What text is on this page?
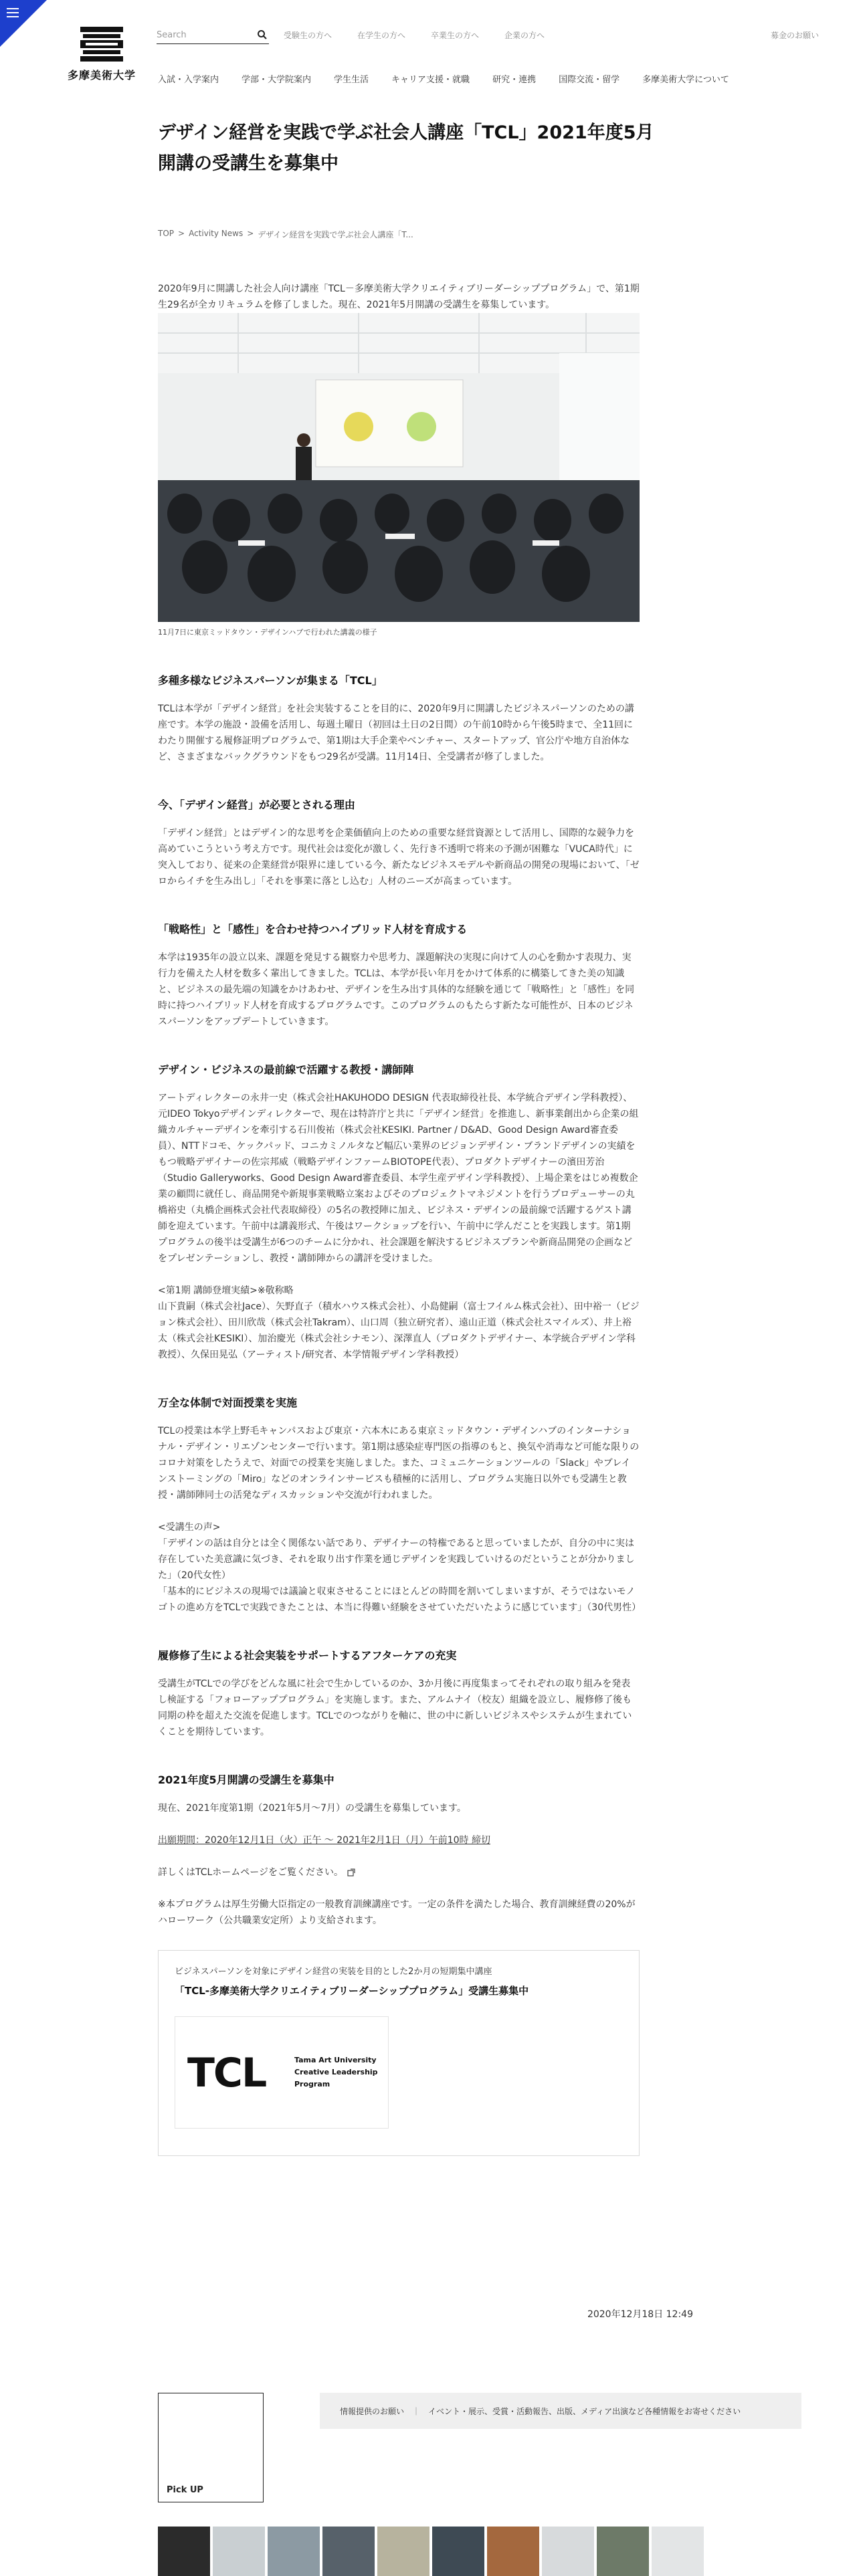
多摩美術大学
Search
受験生の方へ	在学生の方へ	卒業生の方へ	企業の方へ	募金のお願い
入試・入学案内	学部・大学院案内	学生生活	キャリア支援・就職	研究・連携	国際交流・留学	多摩美術大学について
デザイン経営を実践で学ぶ社会人講座「TCL」2021年度5月開講の受講生を募集中
TOP > Activity News > デザイン経営を実践で学ぶ社会人講座「T...

2020年9月に開講した社会人向け講座「TCL－多摩美術大学クリエイティブリーダーシッププログラム」で、第1期生29名が全カリキュラムを修了しました。現在、2021年5月開講の受講生を募集しています。

11月7日に東京ミッドタウン・デザインハブで行われた講義の様子

多種多様なビジネスパーソンが集まる「TCL」

TCLは本学が「デザイン経営」を社会実装することを目的に、2020年9月に開講したビジネスパーソンのための講座です。本学の施設・設備を活用し、毎週土曜日（初回は土日の2日間）の午前10時から午後5時まで、全11回にわたり開催する履修証明プログラムで、第1期は大手企業やベンチャー、スタートアップ、官公庁や地方自治体など、さまざまなバックグラウンドをもつ29名が受講。11月14日、全受講者が修了しました。

今、「デザイン経営」が必要とされる理由

「デザイン経営」とはデザイン的な思考を企業価値向上のための重要な経営資源として活用し、国際的な競争力を高めていこうという考え方です。現代社会は変化が激しく、先行き不透明で将来の予測が困難な「VUCA時代」に突入しており、従来の企業経営が限界に達している今、新たなビジネスモデルや新商品の開発の現場において、「ゼロからイチを生み出し」「それを事業に落とし込む」人材のニーズが高まっています。

「戦略性」と「感性」を合わせ持つハイブリッド人材を育成する

本学は1935年の設立以来、課題を発見する観察力や思考力、課題解決の実現に向けて人の心を動かす表現力、実行力を備えた人材を数多く輩出してきました。TCLは、本学が長い年月をかけて体系的に構築してきた美の知識と、ビジネスの最先端の知識をかけあわせ、デザインを生み出す具体的な経験を通じて「戦略性」と「感性」を同時に持つハイブリッド人材を育成するプログラムです。このプログラムのもたらす新たな可能性が、日本のビジネスパーソンをアップデートしていきます。

デザイン・ビジネスの最前線で活躍する教授・講師陣

アートディレクターの永井一史（株式会社HAKUHODO DESIGN 代表取締役社長、本学統合デザイン学科教授）、元IDEO Tokyoデザインディレクターで、現在は特許庁と共に「デザイン経営」を推進し、新事業創出から企業の組織カルチャーデザインを牽引する石川俊祐（株式会社KESIKI. Partner / D&AD、Good Design Award審査委員）、NTTドコモ、ケックパッド、コニカミノルタなど幅広い業界のビジョンデザイン・ブランドデザインの実績をもつ戦略デザイナーの佐宗邦威（戦略デザインファームBIOTOPE代表）、プロダクトデザイナーの濱田芳治（Studio Galleryworks、Good Design Award審査委員、本学生産デザイン学科教授）、上場企業をはじめ複数企業の顧問に就任し、商品開発や新規事業戦略立案およびそのプロジェクトマネジメントを行うプロデューサーの丸橋裕史（丸橋企画株式会社代表取締役）の5名の教授陣に加え、ビジネス・デザインの最前線で活躍するゲスト講師を迎えています。午前中は講義形式、午後はワークショップを行い、午前中に学んだことを実践します。第1期プログラムの後半は受講生が6つのチームに分かれ、社会課題を解決するビジネスプランや新商品開発の企画などをプレゼンテーションし、教授・講師陣からの講評を受けました。

<第1期 講師登壇実績>※敬称略

山下貴嗣（株式会社Jace）、矢野直子（積水ハウス株式会社）、小島健嗣（富士フイルム株式会社）、田中裕一（ピジョン株式会社）、田川欣哉（株式会社Takram）、山口周（独立研究者）、遠山正道（株式会社スマイルズ）、井上裕太（株式会社KESIKI）、加治慶光（株式会社シナモン）、深澤直人（プロダクトデザイナー、本学統合デザイン学科教授）、久保田晃弘（アーティスト/研究者、本学情報デザイン学科教授）

万全な体制で対面授業を実施

TCLの授業は本学上野毛キャンパスおよび東京・六本木にある東京ミッドタウン・デザインハブのインターナショナル・デザイン・リエゾンセンターで行います。第1期は感染症専門医の指導のもと、換気や消毒など可能な限りのコロナ対策をしたうえで、対面での授業を実施しました。また、コミュニケーションツールの「Slack」やブレインストーミングの「Miro」などのオンラインサービスも積極的に活用し、プログラム実施日以外でも受講生と教授・講師陣同士の活発なディスカッションや交流が行われました。

<受講生の声>

「デザインの話は自分とは全く関係ない話であり、デザイナーの特権であると思っていましたが、自分の中に実は存在していた美意識に気づき、それを取り出す作業を通じデザインを実践していけるのだということが分かりました」（20代女性）

「基本的にビジネスの現場では議論と収束させることにほとんどの時間を割いてしまいますが、そうではないモノゴトの進め方をTCLで実践できたことは、本当に得難い経験をさせていただいたように感じています」（30代男性）

履修修了生による社会実装をサポートするアフターケアの充実

受講生がTCLでの学びをどんな風に社会で生かしているのか、3か月後に再度集まってそれぞれの取り組みを発表し検証する「フォローアッププログラム」を実施します。また、アルムナイ（校友）組織を設立し、履修修了後も同期の枠を超えた交流を促進します。TCLでのつながりを軸に、世の中に新しいビジネスやシステムが生まれていくことを期待しています。

2021年度5月開講の受講生を募集中

現在、2021年度第1期（2021年5月〜7月）の受講生を募集しています。

出願期間：2020年12月1日（火）正午 〜 2021年2月1日（月）午前10時 締切

詳しくはTCLホームページをご覧ください。

※本プログラムは厚生労働大臣指定の一般教育訓練講座です。一定の条件を満たした場合、教育訓練経費の20%がハローワーク（公共職業安定所）より支給されます。

ビジネスパーソンを対象にデザイン経営の実装を目的とした2か月の短期集中講座

「TCL-多摩美術大学クリエイティブリーダーシッププログラム」受講生募集中

TCL	Tama Art University
Creative Leadership
Program
2020年12月18日 12:49
Pick UP
情報提供のお願い ｜ イベント・展示、受賞・活動報告、出版、メディア出演など各種情報をお寄せください
